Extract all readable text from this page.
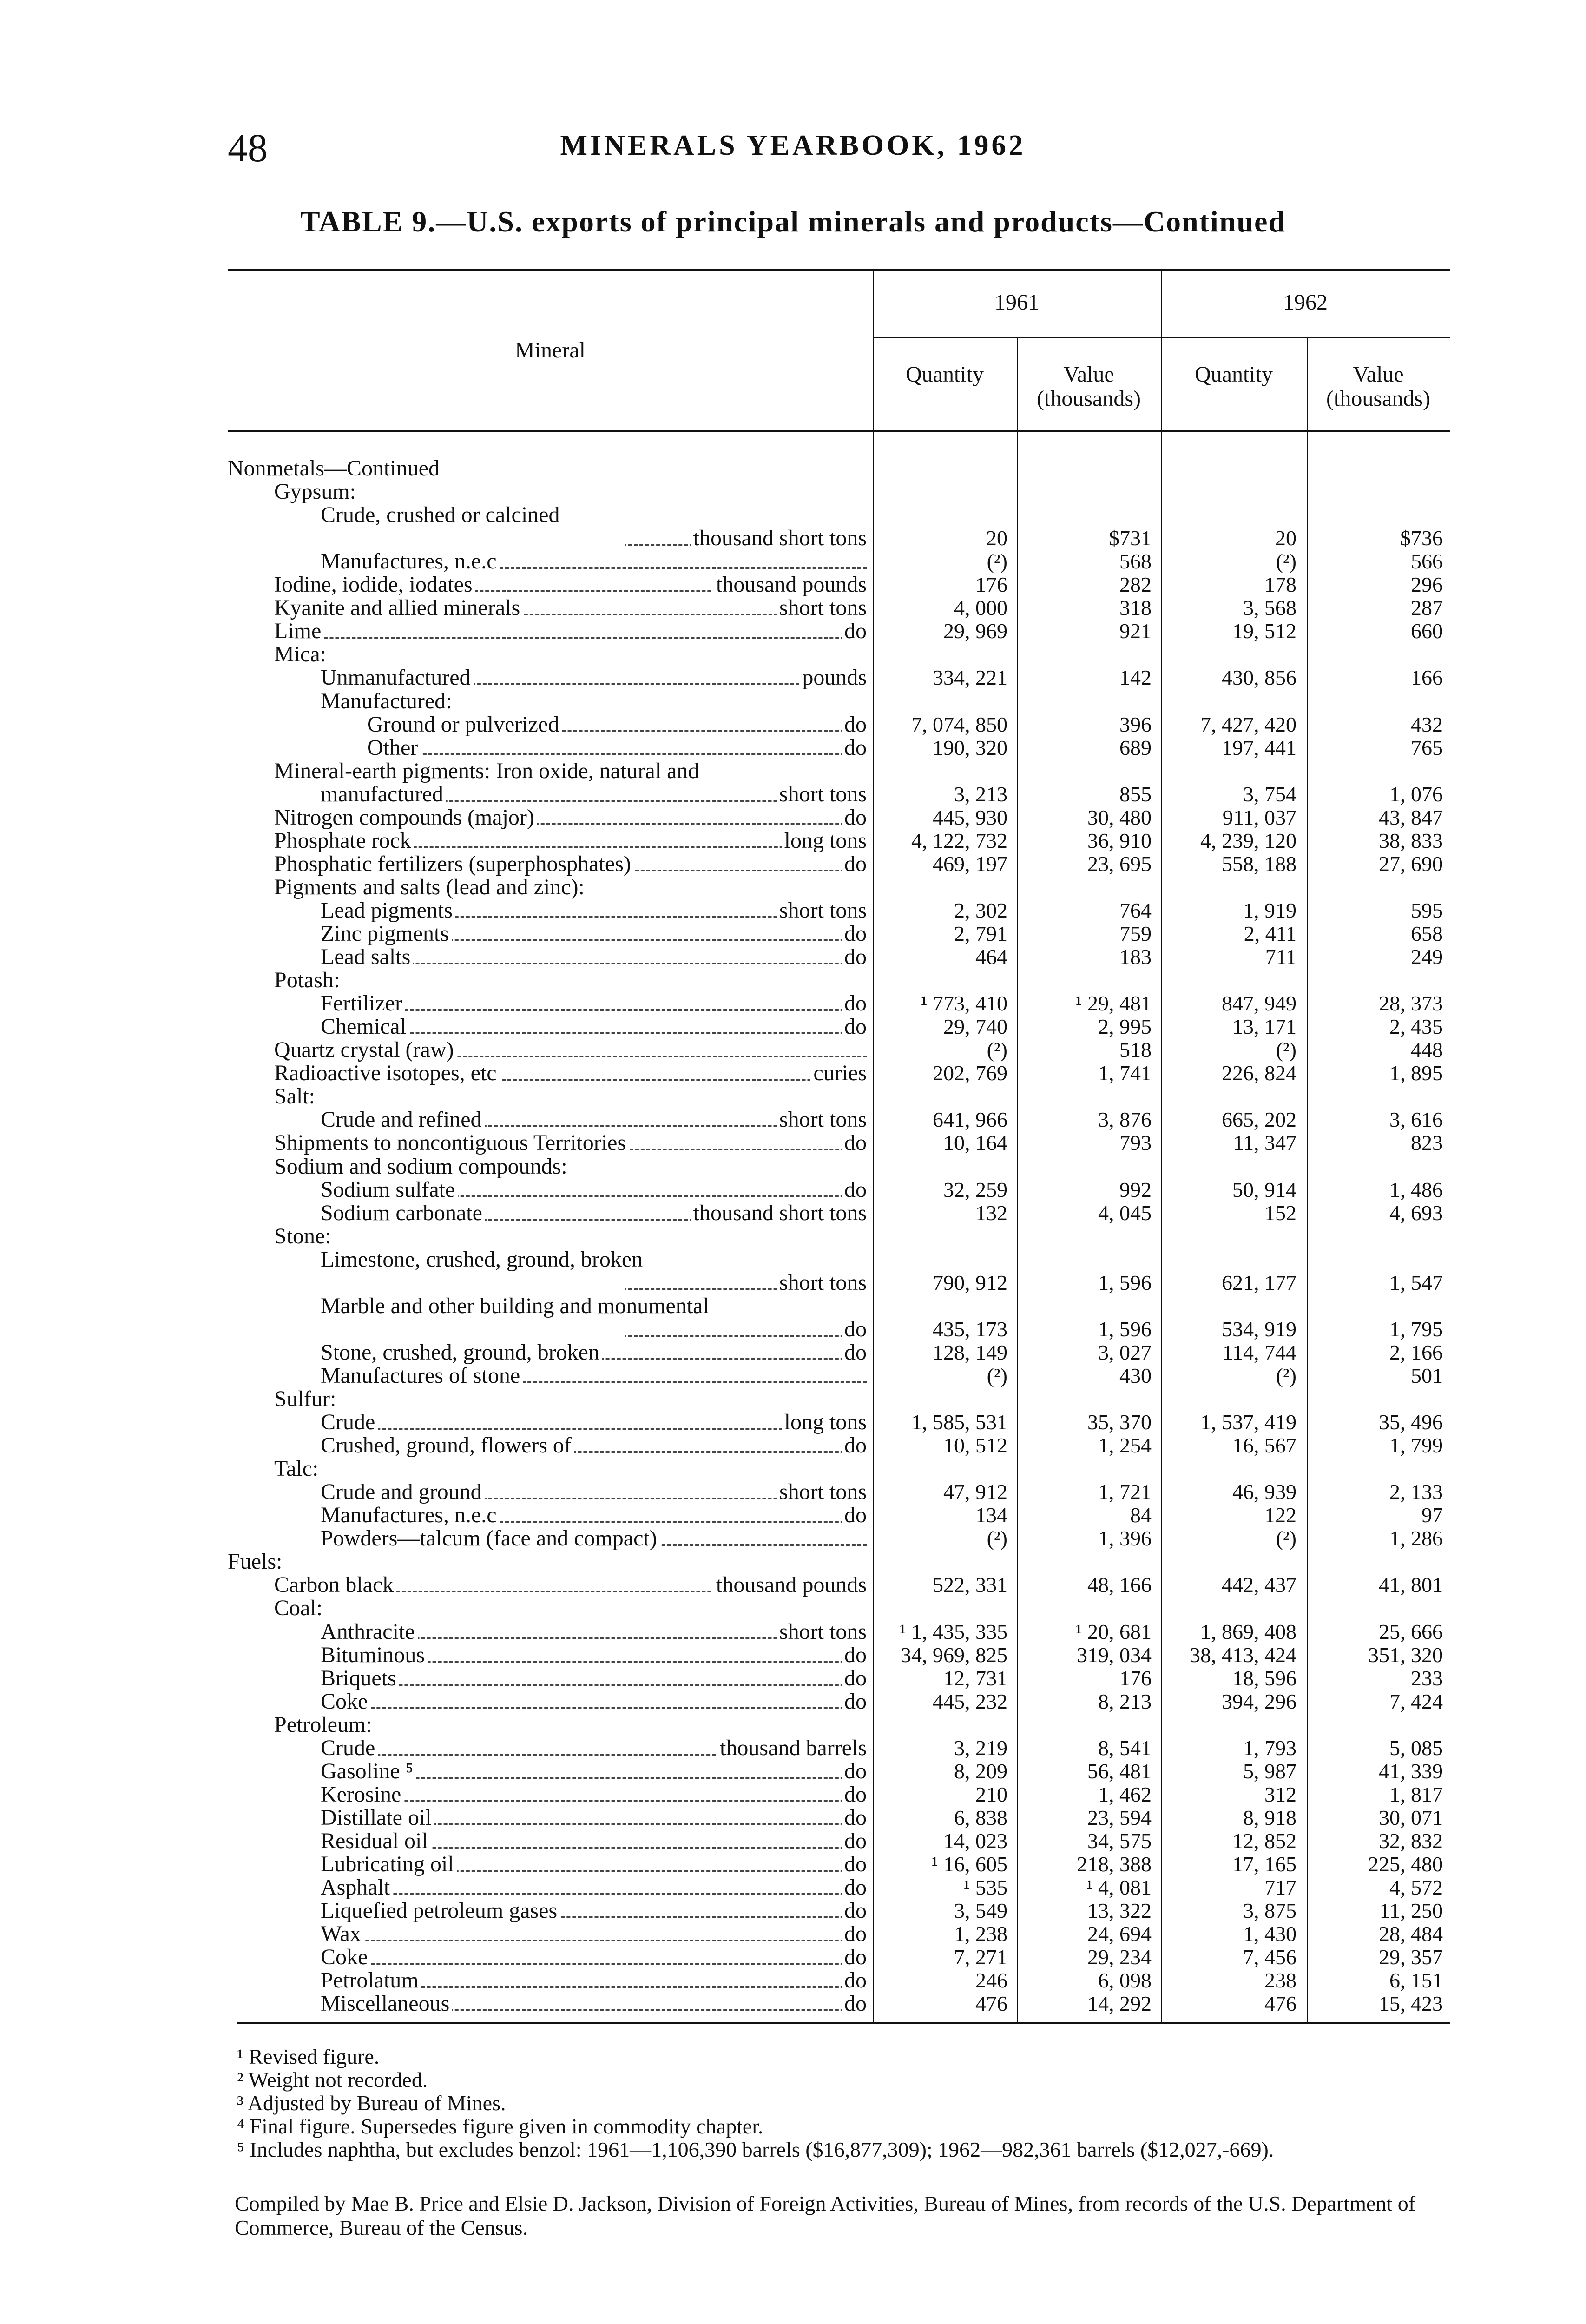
48	MINERALS YEARBOOK, 1962
TABLE 9.—U.S. exports of principal minerals and products—Continued
Mineral
1961	1962
Quantity	Value
(thousands)
Quantity	Value
(thousands)
Nonmetals—Continued
Gypsum:
Crude, crushed or calcined
thousand short tons	20	$731	20	$736
Manufactures, n.e.c	(²)	568	(²)	566
Iodine, iodide, iodates	thousand pounds	176	282	178	296
Kyanite and allied minerals	short tons	4, 000	318	3, 568	287
Lime	do	29, 969	921	19, 512	660
Mica:
Unmanufactured	pounds	334, 221	142	430, 856	166
Manufactured:
Ground or pulverized	do	7, 074, 850	396	7, 427, 420	432
Other	do	190, 320	689	197, 441	765
Mineral-earth pigments: Iron oxide, natural and
manufactured	short tons	3, 213	855	3, 754	1, 076
Nitrogen compounds (major)	do	445, 930	30, 480	911, 037	43, 847
Phosphate rock	long tons	4, 122, 732	36, 910	4, 239, 120	38, 833
Phosphatic fertilizers (superphosphates)	do	469, 197	23, 695	558, 188	27, 690
Pigments and salts (lead and zinc):
Lead pigments	short tons	2, 302	764	1, 919	595
Zinc pigments	do	2, 791	759	2, 411	658
Lead salts	do	464	183	711	249
Potash:
Fertilizer	do	¹ 773, 410	¹ 29, 481	847, 949	28, 373
Chemical	do	29, 740	2, 995	13, 171	2, 435
Quartz crystal (raw)	(²)	518	(²)	448
Radioactive isotopes, etc	curies	202, 769	1, 741	226, 824	1, 895
Salt:
Crude and refined	short tons	641, 966	3, 876	665, 202	3, 616
Shipments to noncontiguous Territories	do	10, 164	793	11, 347	823
Sodium and sodium compounds:
Sodium sulfate	do	32, 259	992	50, 914	1, 486
Sodium carbonate	thousand short tons	132	4, 045	152	4, 693
Stone:
Limestone, crushed, ground, broken
short tons	790, 912	1, 596	621, 177	1, 547
Marble and other building and monumental
do	435, 173	1, 596	534, 919	1, 795
Stone, crushed, ground, broken	do	128, 149	3, 027	114, 744	2, 166
Manufactures of stone	(²)	430	(²)	501
Sulfur:
Crude	long tons	1, 585, 531	35, 370	1, 537, 419	35, 496
Crushed, ground, flowers of	do	10, 512	1, 254	16, 567	1, 799
Talc:
Crude and ground	short tons	47, 912	1, 721	46, 939	2, 133
Manufactures, n.e.c	do	134	84	122	97
Powders—talcum (face and compact)	(²)	1, 396	(²)	1, 286
Fuels:
Carbon black	thousand pounds	522, 331	48, 166	442, 437	41, 801
Coal:
Anthracite	short tons	¹ 1, 435, 335	¹ 20, 681	1, 869, 408	25, 666
Bituminous	do	34, 969, 825	319, 034	38, 413, 424	351, 320
Briquets	do	12, 731	176	18, 596	233
Coke	do	445, 232	8, 213	394, 296	7, 424
Petroleum:
Crude	thousand barrels	3, 219	8, 541	1, 793	5, 085
Gasoline ⁵	do	8, 209	56, 481	5, 987	41, 339
Kerosine	do	210	1, 462	312	1, 817
Distillate oil	do	6, 838	23, 594	8, 918	30, 071
Residual oil	do	14, 023	34, 575	12, 852	32, 832
Lubricating oil	do	¹ 16, 605	218, 388	17, 165	225, 480
Asphalt	do	¹ 535	¹ 4, 081	717	4, 572
Liquefied petroleum gases	do	3, 549	13, 322	3, 875	11, 250
Wax	do	1, 238	24, 694	1, 430	28, 484
Coke	do	7, 271	29, 234	7, 456	29, 357
Petrolatum	do	246	6, 098	238	6, 151
Miscellaneous	do	476	14, 292	476	15, 423
¹ Revised figure.
² Weight not recorded.
³ Adjusted by Bureau of Mines.
⁴ Final figure. Supersedes figure given in commodity chapter.
⁵ Includes naphtha, but excludes benzol: 1961—1,106,390 barrels ($16,877,309); 1962—982,361 barrels ($12,027,-669).
Compiled by Mae B. Price and Elsie D. Jackson, Division of Foreign Activities, Bureau of Mines, from records of the U.S. Department of Commerce, Bureau of the Census.
